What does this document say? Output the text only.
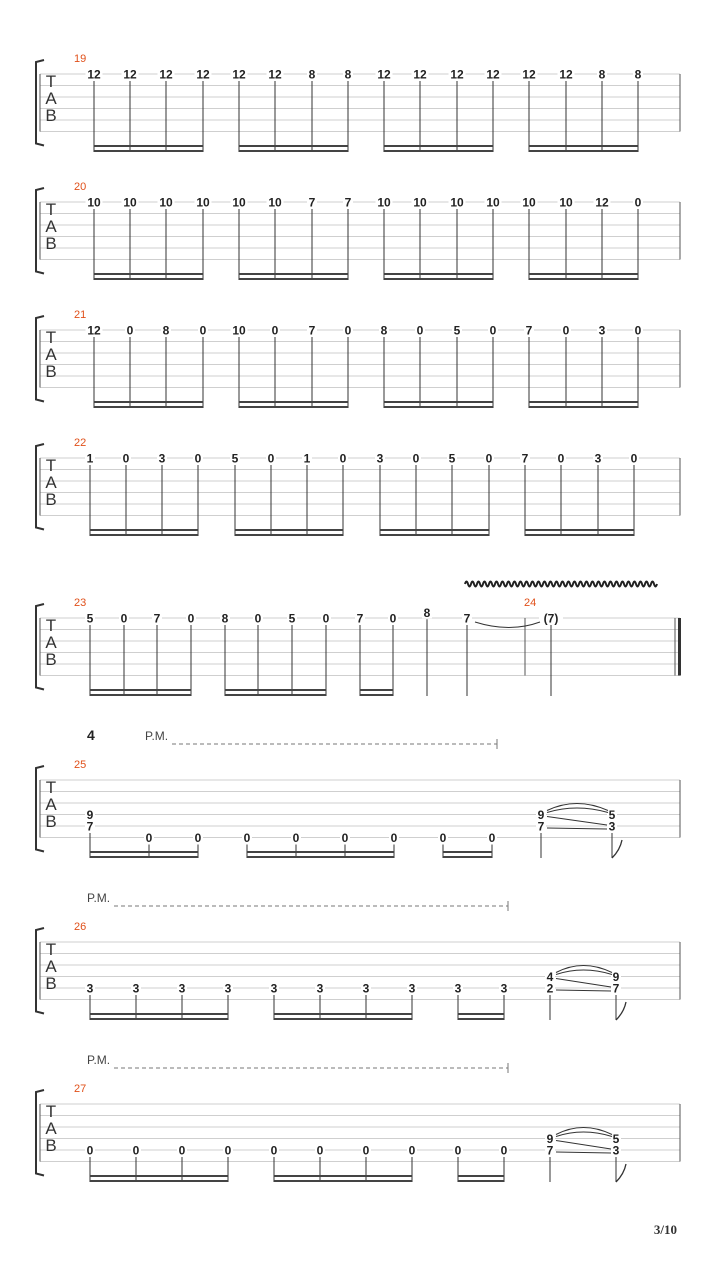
T
A
B
19
12 12 12 12 12 12 8 8 12 12 12 12 12 12 8 8
T
A
B
20
10 10 10 10 10 10 7 7 10 10 10 10 10 10 12 0
T
A
B
21
12 0 8	0 10 0	7 0 8 0	5 0 7	0 3 0
T
A
B
22
1 0 3 0	5 0 1 0	3 0 5	0 7 0	3 0
T
A
B
23
5 0 7 0 8 0 5 0 7 0 8	7	(7)
T
A
B
25
9
7
0	0	0	0	0	0	0	0
9
7
5
3
T
A
B
26
3	3	3	3	3	3	3	3	3	3
4
2
9
7
T
A
B
27
0	0	0	0	0	0	0	0	0	0
9
7
5
3
24
4	P.M.
P.M.
P.M.
3/10
